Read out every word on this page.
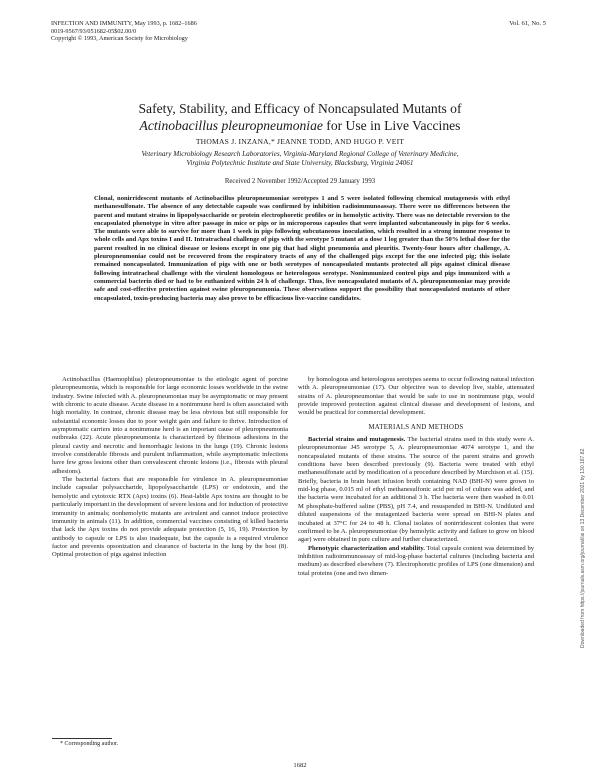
INFECTION AND IMMUNITY, May 1993, p. 1682–1686
0019-9567/93/051682-05$02.00/0
Copyright © 1993, American Society for Microbiology
Vol. 61, No. 5
Safety, Stability, and Efficacy of Noncapsulated Mutants of
Actinobacillus pleuropneumoniae for Use in Live Vaccines
THOMAS J. INZANA,* JEANNE TODD, AND HUGO P. VEIT
Veterinary Microbiology Research Laboratories, Virginia-Maryland Regional College of Veterinary Medicine,
Virginia Polytechnic Institute and State University, Blacksburg, Virginia 24061
Received 2 November 1992/Accepted 29 January 1993
Clonal, nonirridescent mutants of Actinobacillus pleuropneumoniae serotypes 1 and 5 were isolated following chemical mutagenesis with ethyl methanesulfonate. The absence of any detectable capsule was confirmed by inhibition radioimmunoassay. There were no differences between the parent and mutant strains in lipopolysaccharide or protein electrophoretic profiles or in hemolytic activity. There was no detectable reversion to the encapsulated phenotype in vitro after passage in mice or pigs or in microporous capsules that were implanted subcutaneously in pigs for 6 weeks. The mutants were able to survive for more than 1 week in pigs following subcutaneous inoculation, which resulted in a strong immune response to whole cells and Apx toxins I and II. Intratracheal challenge of pigs with the serotype 5 mutant at a dose 1 log greater than the 50% lethal dose for the parent resulted in no clinical disease or lesions except in one pig that had slight pneumonia and pleuritis. Twenty-four hours after challenge, A. pleuropneumoniae could not be recovered from the respiratory tracts of any of the challenged pigs except for the one infected pig; this isolate remained noncapsulated. Immunization of pigs with one or both serotypes of noncapsulated mutants protected all pigs against clinical disease following intratracheal challenge with the virulent homologous or heterologous serotype. Nonimmunized control pigs and pigs immunized with a commercial bacterin died or had to be euthanized within 24 h of challenge. Thus, live noncapsulated mutants of A. pleuropneumoniae may provide safe and cost-effective protection against swine pleuropneumonia. These observations support the possibility that noncapsulated mutants of other encapsulated, toxin-producing bacteria may also prove to be efficacious live-vaccine candidates.

Actinobacillus (Haemophilus) pleuropneumoniae is the etiologic agent of porcine pleuropneumonia, which is responsible for large economic losses worldwide in the swine industry. Swine infected with A. pleuropneumoniae may be asymptomatic or may present with chronic to acute disease. Acute disease in a nonimmune herd is often associated with high mortality. In contrast, chronic disease may be less obvious but still responsible for substantial economic losses due to poor weight gain and failure to thrive. Introduction of asymptomatic carriers into a nonimmune herd is an important cause of pleuropneumonia outbreaks (22). Acute pleuropneumonia is characterized by fibrinous adhesions in the pleural cavity and necrotic and hemorrhagic lesions in the lungs (19). Chronic lesions involve considerable fibrosis and purulent inflammation, while asymptomatic infections have few gross lesions other than convalescent chronic lesions (i.e., fibrosis with pleural adhesions).

The bacterial factors that are responsible for virulence in A. pleuropneumoniae include capsular polysaccharide, lipopolysaccharide (LPS) or endotoxin, and the hemolytic and cytotoxic RTX (Apx) toxins (6). Heat-labile Apx toxins are thought to be particularly important in the development of severe lesions and for induction of protective immunity in animals; nonhemolytic mutants are avirulent and cannot induce protective immunity in animals (11). In addition, commercial vaccines consisting of killed bacteria that lack the Apx toxins do not provide adequate protection (5, 16, 19). Protection by antibody to capsule or LPS is also inadequate, but the capsule is a required virulence factor and prevents opsonization and clearance of bacteria in the lung by the host (8). Optimal protection of pigs against infection

by homologous and heterologous serotypes seems to occur following natural infection with A. pleuropneumoniae (17). Our objective was to develop live, stable, attenuated strains of A. pleuropneumoniae that would be safe to use in nonimmune pigs, would provide improved protection against clinical disease and development of lesions, and would be practical for commercial development.

MATERIALS AND METHODS

Bacterial strains and mutagenesis. The bacterial strains used in this study were A. pleuropneumoniae J45 serotype 5, A. pleuropneumoniae 4074 serotype 1, and the noncapsulated mutants of these strains. The source of the parent strains and growth conditions have been described previously (9). Bacteria were treated with ethyl methanesulfonate acid by modification of a procedure described by Murchison et al. (15). Briefly, bacteria in brain heart infusion broth containing NAD (BHI-N) were grown to mid-log phase, 0.015 ml of ethyl methanesulfonic acid per ml of culture was added, and the bacteria were incubated for an additional 3 h. The bacteria were then washed in 0.01 M phosphate-buffered saline (PBS), pH 7.4, and resuspended in BHI-N. Undiluted and diluted suspensions of the mutagenized bacteria were spread on BHI-N plates and incubated at 37°C for 24 to 48 h. Clonal isolates of nonirridescent colonies that were confirmed to be A. pleuropneumoniae (by hemolytic activity and failure to grow on blood agar) were obtained in pure culture and further characterized.

Phenotypic characterization and stability. Total capsule content was determined by inhibition radioimmunoassay of mid-log-phase bacterial cultures (including bacteria and medium) as described elsewhere (7). Electrophoretic profiles of LPS (one dimension) and total proteins (one and two dimen-

* Corresponding author.
1682
Downloaded from https://journals.asm.org/journal/iai on 13 December 2021 by 130.187.82.
